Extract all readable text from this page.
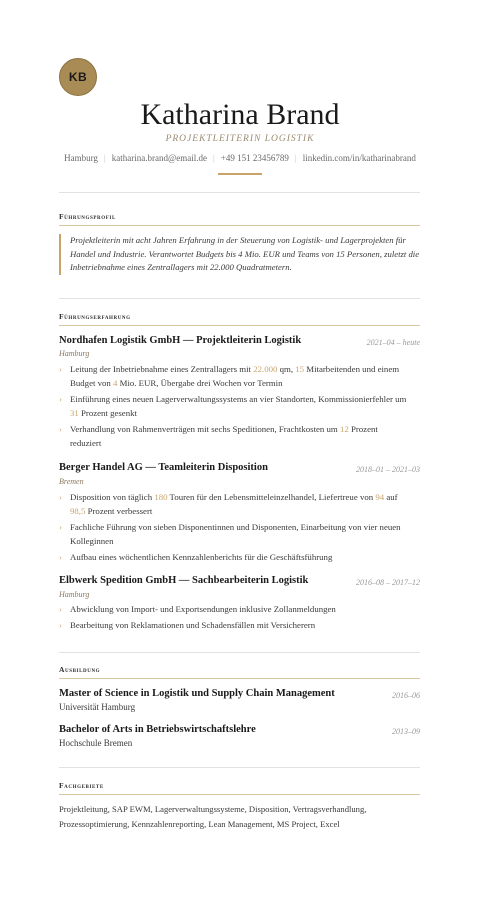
KB
Katharina Brand
PROJEKTLEITERIN LOGISTIK
Hamburg | katharina.brand@email.de | +49 151 23456789 | linkedin.com/in/katharinabrand
Führungsprofil
Projektleiterin mit acht Jahren Erfahrung in der Steuerung von Logistik- und Lagerprojekten für Handel und Industrie. Verantwortet Budgets bis 4 Mio. EUR und Teams von 15 Personen, zuletzt die Inbetriebnahme eines Zentrallagers mit 22.000 Quadratmetern.
Führungserfahrung
Nordhafen Logistik GmbH — Projektleiterin Logistik	2021–04 – heute
Hamburg
› Leitung der Inbetriebnahme eines Zentrallagers mit 22.000 qm, 15 Mitarbeitenden und einem Budget von 4 Mio. EUR, Übergabe drei Wochen vor Termin
› Einführung eines neuen Lagerverwaltungssystems an vier Standorten, Kommissionierfehler um 31 Prozent gesenkt
› Verhandlung von Rahmenverträgen mit sechs Speditionen, Frachtkosten um 12 Prozent reduziert
Berger Handel AG — Teamleiterin Disposition	2018–01 – 2021–03
Bremen
› Disposition von täglich 180 Touren für den Lebensmitteleinzelhandel, Liefertreue von 94 auf 98,5 Prozent verbessert
› Fachliche Führung von sieben Disponentinnen und Disponenten, Einarbeitung von vier neuen Kolleginnen
› Aufbau eines wöchentlichen Kennzahlenberichts für die Geschäftsführung
Elbwerk Spedition GmbH — Sachbearbeiterin Logistik	2016–08 – 2017–12
Hamburg
› Abwicklung von Import- und Exportsendungen inklusive Zollanmeldungen
› Bearbeitung von Reklamationen und Schadensfällen mit Versicherern
Ausbildung
Master of Science in Logistik und Supply Chain Management	2016–06
Universität Hamburg
Bachelor of Arts in Betriebswirtschaftslehre	2013–09
Hochschule Bremen
Fachgebiete
Projektleitung, SAP EWM, Lagerverwaltungssysteme, Disposition, Vertragsverhandlung, Prozessoptimierung, Kennzahlenreporting, Lean Management, MS Project, Excel
